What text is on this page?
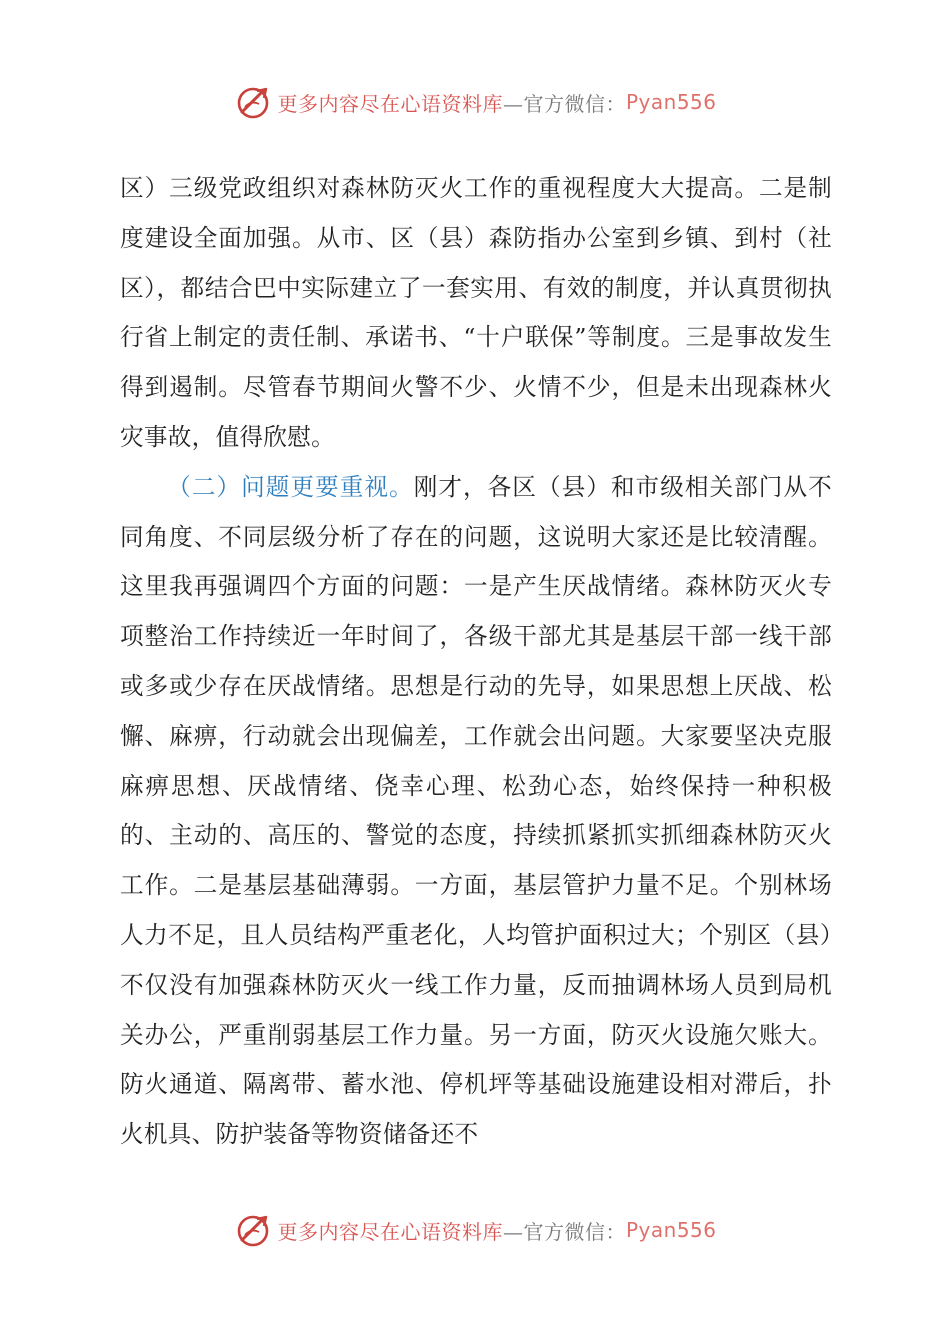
更多内容尽在心语资料库 —官方微信： Pyan556

区）三级党政组织对森林防灭火工作的重视程度大大提高。二是制度建设全面加强。从市、区（县）森防指办公室到乡镇、到村（社区），都结合巴中实际建立了一套实用、有效的制度，并认真贯彻执行省上制定的责任制、承诺书、“十户联保”等制度。三是事故发生得到遏制。尽管春节期间火警不少、火情不少，但是未出现森林火灾事故，值得欣慰。

（二）问题更要重视。刚才，各区（县）和市级相关部门从不同角度、不同层级分析了存在的问题，这说明大家还是比较清醒。这里我再强调四个方面的问题：一是产生厌战情绪。森林防灭火专项整治工作持续近一年时间了，各级干部尤其是基层干部一线干部或多或少存在厌战情绪。思想是行动的先导，如果思想上厌战、松懈、麻痹，行动就会出现偏差，工作就会出问题。大家要坚决克服麻痹思想、厌战情绪、侥幸心理、松劲心态，始终保持一种积极的、主动的、高压的、警觉的态度，持续抓紧抓实抓细森林防灭火工作。二是基层基础薄弱。一方面，基层管护力量不足。个别林场人力不足，且人员结构严重老化，人均管护面积过大；个别区（县）不仅没有加强森林防灭火一线工作力量，反而抽调林场人员到局机关办公，严重削弱基层工作力量。另一方面，防灭火设施欠账大。防火通道、隔离带、蓄水池、停机坪等基础设施建设相对滞后，扑火机具、防护装备等物资储备还不

更多内容尽在心语资料库 —官方微信： Pyan556
